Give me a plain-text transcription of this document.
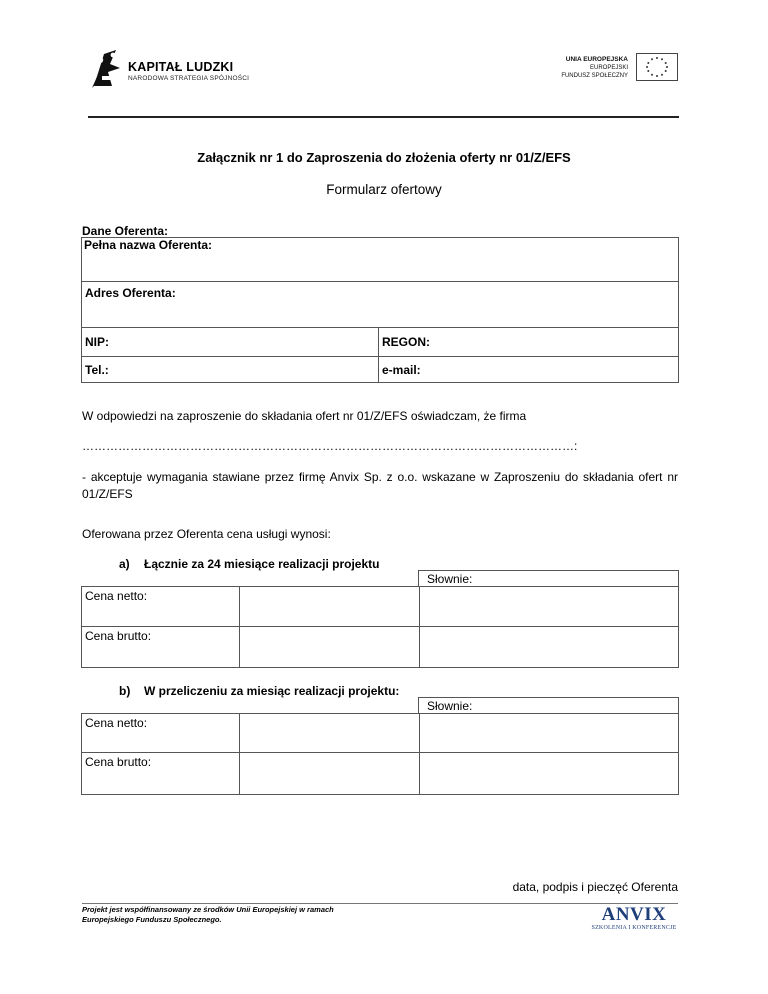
KAPITAŁ LUDZKI
NARODOWA STRATEGIA SPÓJNOŚCI
UNIA EUROPEJSKA
EUROPEJSKI
FUNDUSZ SPOŁECZNY
Załącznik nr 1 do Zaproszenia do złożenia oferty nr 01/Z/EFS
Formularz ofertowy
Dane Oferenta:
Pełna nazwa Oferenta:
Adres Oferenta:
NIP:	REGON:
Tel.:	e-mail:
W odpowiedzi na zaproszenie do składania ofert nr 01/Z/EFS oświadczam, że firma
……………………………………………………………………………………………………………:
- akceptuje wymagania stawiane przez firmę Anvix Sp. z o.o. wskazane w Zaproszeniu do składania ofert nr 01/Z/EFS
Oferowana przez Oferenta cena usługi wynosi:
a) Łącznie za 24 miesiące realizacji projektu
Słownie:
Cena netto:
Cena brutto:
b) W przeliczeniu za miesiąc realizacji projektu:
Słownie:
Cena netto:
Cena brutto:
data, podpis i pieczęć Oferenta
Projekt jest współfinansowany ze środków Unii Europejskiej w ramach
Europejskiego Funduszu Społecznego.	ANVIX
SZKOLENIA I KONFERENCJE
